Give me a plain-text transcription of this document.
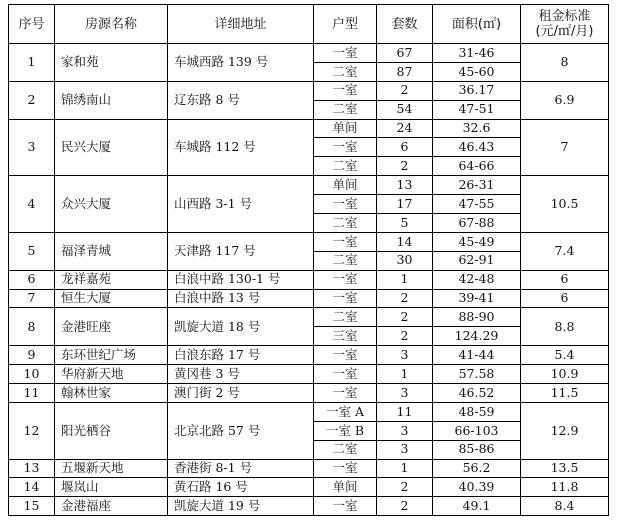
序号	房源名称	详细地址	户型	套数	面积(㎡)	租金标准
(元/㎡/月)

1	家和苑	车城西路 139 号	一室	67	31-46	8
			二室	87	45-60	
2	锦绣南山	辽东路 8 号	一室	2	36.17	6.9
			二室	54	47-51	
3	民兴大厦	车城路 112 号	单间	24	32.6	7
			一室	6	46.43	
			二室	2	64-66	
4	众兴大厦	山西路 3-1 号	单间	13	26-31	10.5
			一室	17	47-55	
			二室	5	67-88	
5	福泽青城	天津路 117 号	一室	14	45-49	7.4
			二室	30	62-91	
6	龙祥嘉苑	白浪中路 130-1 号	一室	1	42-48	6
7	恒生大厦	白浪中路 13 号	一室	2	39-41	6
8	金港旺座	凯旋大道 18 号	二室	2	88-90	8.8
			三室	2	124.29	
9	东环世纪广场	白浪东路 17 号	一室	3	41-44	5.4
10	华府新天地	黄冈巷 3 号	一室	1	57.58	10.9
11	翰林世家	澳门街 2 号	一室	3	46.52	11.5
12	阳光栖谷	北京北路 57 号	一室 A	11	48-59	12.9
			一室 B	3	66-103	
			二室	3	85-86	
13	五堰新天地	香港街 8-1 号	一室	1	56.2	13.5
14	堰岚山	黄石路 16 号	单间	2	40.39	11.8
15	金港福座	凯旋大道 19 号	一室	2	49.1	8.4
